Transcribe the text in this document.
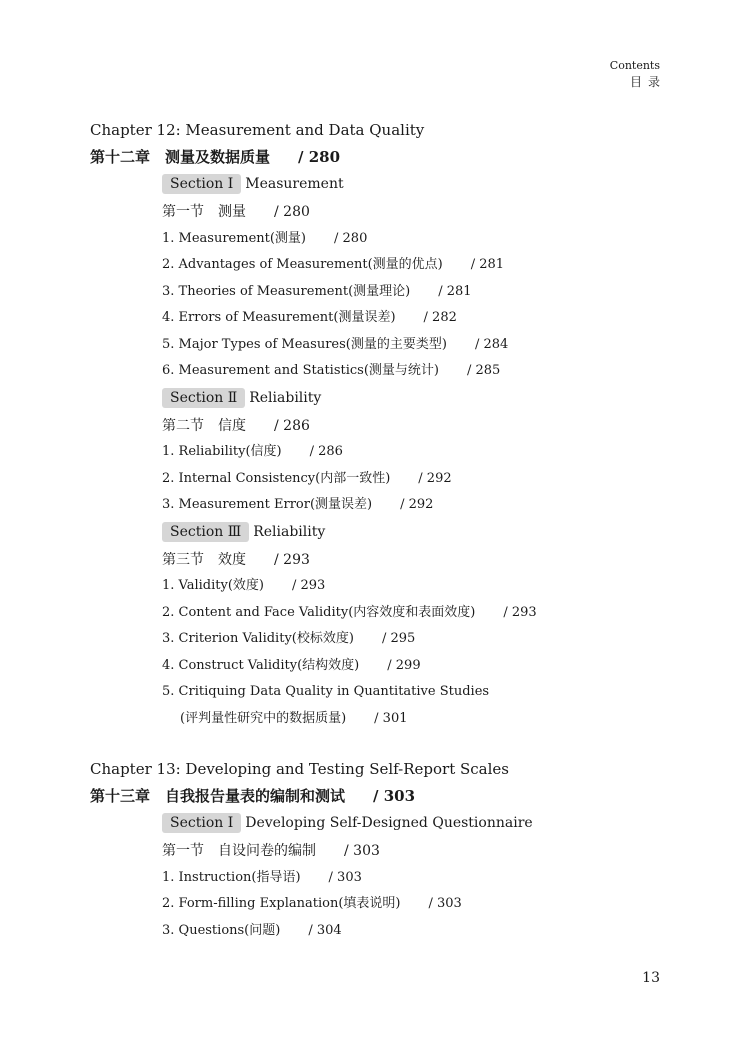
Contents
目录
Chapter 12: Measurement and Data Quality
第十二章　测量及数据质量 / 280
Section Ⅰ Measurement
第一节　测量 / 280
1. Measurement(测量) / 280
2. Advantages of Measurement(测量的优点) / 281
3. Theories of Measurement(测量理论) / 281
4. Errors of Measurement(测量误差) / 282
5. Major Types of Measures(测量的主要类型) / 284
6. Measurement and Statistics(测量与统计) / 285
Section Ⅱ Reliability
第二节　信度 / 286
1. Reliability(信度) / 286
2. Internal Consistency(内部一致性) / 292
3. Measurement Error(测量误差) / 292
Section Ⅲ Reliability
第三节　效度 / 293
1. Validity(效度) / 293
2. Content and Face Validity(内容效度和表面效度) / 293
3. Criterion Validity(校标效度) / 295
4. Construct Validity(结构效度) / 299
5. Critiquing Data Quality in Quantitative Studies
(评判量性研究中的数据质量) / 301
Chapter 13: Developing and Testing Self-Report Scales
第十三章　自我报告量表的编制和测试 / 303
Section Ⅰ Developing Self-Designed Questionnaire
第一节　自设问卷的编制 / 303
1. Instruction(指导语) / 303
2. Form-filling Explanation(填表说明) / 303
3. Questions(问题) / 304
13
